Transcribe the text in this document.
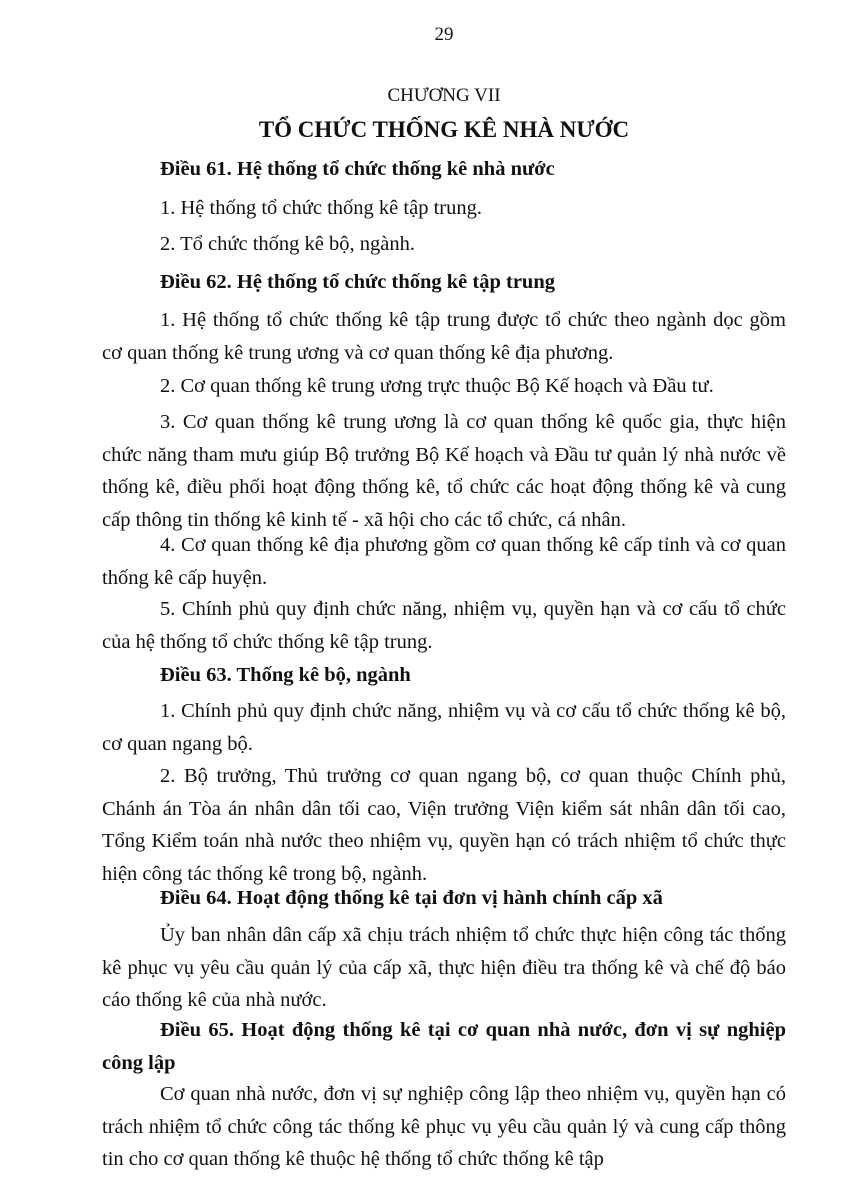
29
CHƯƠNG VII
TỔ CHỨC THỐNG KÊ NHÀ NƯỚC
Điều 61. Hệ thống tổ chức thống kê nhà nước
1. Hệ thống tổ chức thống kê tập trung.
2. Tổ chức thống kê bộ, ngành.
Điều 62. Hệ thống tổ chức thống kê tập trung
1. Hệ thống tổ chức thống kê tập trung được tổ chức theo ngành dọc gồm cơ quan thống kê trung ương và cơ quan thống kê địa phương.
2. Cơ quan thống kê trung ương trực thuộc Bộ Kế hoạch và Đầu tư.
3. Cơ quan thống kê trung ương là cơ quan thống kê quốc gia, thực hiện chức năng tham mưu giúp Bộ trưởng Bộ Kế hoạch và Đầu tư quản lý nhà nước về thống kê, điều phối hoạt động thống kê, tổ chức các hoạt động thống kê và cung cấp thông tin thống kê kinh tế - xã hội cho các tổ chức, cá nhân.
4. Cơ quan thống kê địa phương gồm cơ quan thống kê cấp tỉnh và cơ quan thống kê cấp huyện.
5. Chính phủ quy định chức năng, nhiệm vụ, quyền hạn và cơ cấu tổ chức của hệ thống tổ chức thống kê tập trung.
Điều 63. Thống kê bộ, ngành
1. Chính phủ quy định chức năng, nhiệm vụ và cơ cấu tổ chức thống kê bộ, cơ quan ngang bộ.
2. Bộ trưởng, Thủ trưởng cơ quan ngang bộ, cơ quan thuộc Chính phủ, Chánh án Tòa án nhân dân tối cao, Viện trưởng Viện kiểm sát nhân dân tối cao, Tổng Kiểm toán nhà nước theo nhiệm vụ, quyền hạn có trách nhiệm tổ chức thực hiện công tác thống kê trong bộ, ngành.
Điều 64. Hoạt động thống kê tại đơn vị hành chính cấp xã
Ủy ban nhân dân cấp xã chịu trách nhiệm tổ chức thực hiện công tác thống kê phục vụ yêu cầu quản lý của cấp xã, thực hiện điều tra thống kê và chế độ báo cáo thống kê của nhà nước.
Điều 65. Hoạt động thống kê tại cơ quan nhà nước, đơn vị sự nghiệp công lập
Cơ quan nhà nước, đơn vị sự nghiệp công lập theo nhiệm vụ, quyền hạn có trách nhiệm tổ chức công tác thống kê phục vụ yêu cầu quản lý và cung cấp thông tin cho cơ quan thống kê thuộc hệ thống tổ chức thống kê tập
